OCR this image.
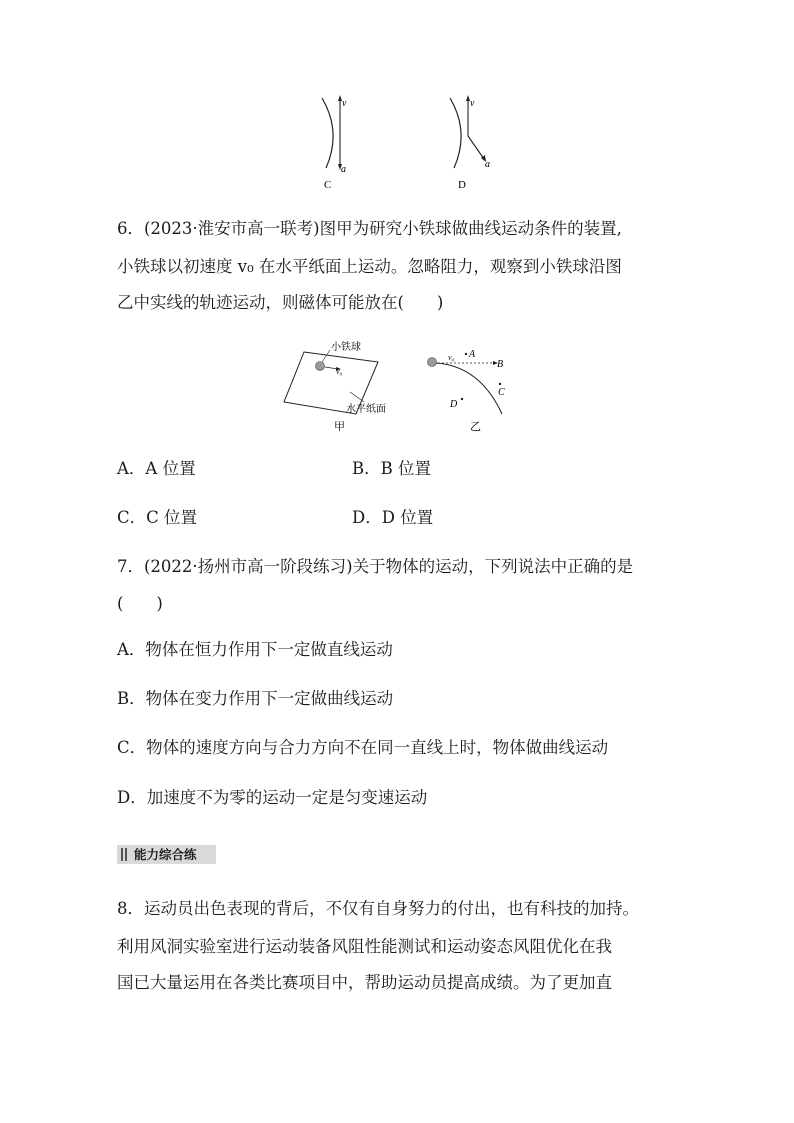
v
a
C
v
a
D
6．(2023·淮安市高一联考)图甲为研究小铁球做曲线运动条件的装置,
小铁球以初速度 v₀ 在水平纸面上运动。忽略阻力，观察到小铁球沿图
乙中实线的轨迹运动，则磁体可能放在(　　)
小铁球
v₀
水平纸面
甲
v₀ A
B
C
D
乙
A．A 位置	B．B 位置
C．C 位置	D．D 位置
7．(2022·扬州市高一阶段练习)关于物体的运动，下列说法中正确的是
(　　)
A．物体在恒力作用下一定做直线运动
B．物体在变力作用下一定做曲线运动
C．物体的速度方向与合力方向不在同一直线上时，物体做曲线运动
D．加速度不为零的运动一定是匀变速运动
能力综合练
8．运动员出色表现的背后，不仅有自身努力的付出，也有科技的加持。
利用风洞实验室进行运动装备风阻性能测试和运动姿态风阻优化在我
国已大量运用在各类比赛项目中，帮助运动员提高成绩。为了更加直
